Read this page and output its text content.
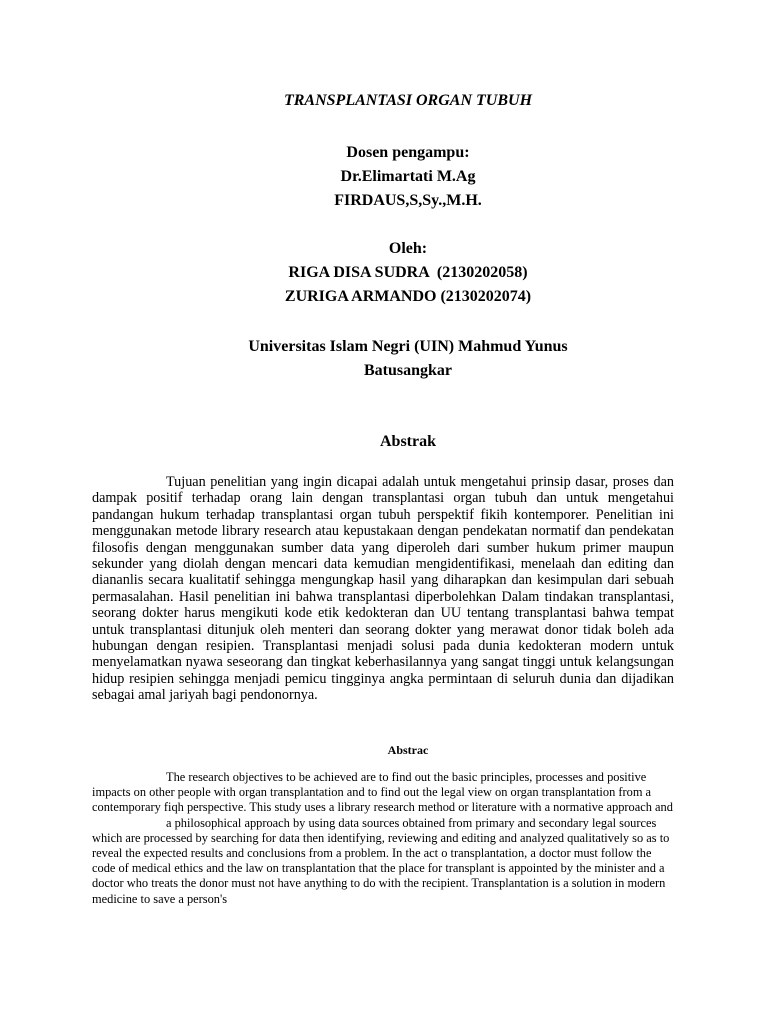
TRANSPLANTASI ORGAN TUBUH
Dosen pengampu:
Dr.Elimartati M.Ag
FIRDAUS,S,Sy.,M.H.
Oleh:
RIGA DISA SUDRA  (2130202058)
ZURIGA ARMANDO (2130202074)
Universitas Islam Negri (UIN) Mahmud Yunus
Batusangkar
Abstrak
Tujuan penelitian yang ingin dicapai adalah untuk mengetahui prinsip dasar, proses dan dampak positif terhadap orang lain dengan transplantasi organ tubuh dan untuk mengetahui pandangan hukum terhadap transplantasi organ tubuh perspektif fikih kontemporer. Penelitian ini menggunakan metode library research atau kepustakaan dengan pendekatan normatif dan pendekatan filosofis dengan menggunakan sumber data yang diperoleh dari sumber hukum primer maupun sekunder yang diolah dengan mencari data kemudian mengidentifikasi, menelaah dan editing dan diananlis secara kualitatif sehingga mengungkap hasil yang diharapkan dan kesimpulan dari sebuah permasalahan. Hasil penelitian ini bahwa transplantasi diperbolehkan Dalam tindakan transplantasi, seorang dokter harus mengikuti kode etik kedokteran dan UU tentang transplantasi bahwa tempat untuk transplantasi ditunjuk oleh menteri dan seorang dokter yang merawat donor tidak boleh ada hubungan dengan resipien. Transplantasi menjadi solusi pada dunia kedokteran modern untuk menyelamatkan nyawa seseorang dan tingkat keberhasilannya yang sangat tinggi untuk kelangsungan hidup resipien sehingga menjadi pemicu tingginya angka permintaan di seluruh dunia dan dijadikan sebagai amal jariyah bagi pendonornya.
Abstrac
The research objectives to be achieved are to find out the basic principles, processes and positive impacts on other people with organ transplantation and to find out the legal view on organ transplantation from a contemporary fiqh perspective. This study uses a library research method or literature with a normative approach and
a philosophical approach by using data sources obtained from primary and secondary legal sources which are processed by searching for data then identifying, reviewing and editing and analyzed qualitatively so as to reveal the expected results and conclusions from a problem. In the act o transplantation, a doctor must follow the code of medical ethics and the law on transplantation that the place for transplant is appointed by the minister and a doctor who treats the donor must not have anything to do with the recipient. Transplantation is a solution in modern medicine to save a person's
